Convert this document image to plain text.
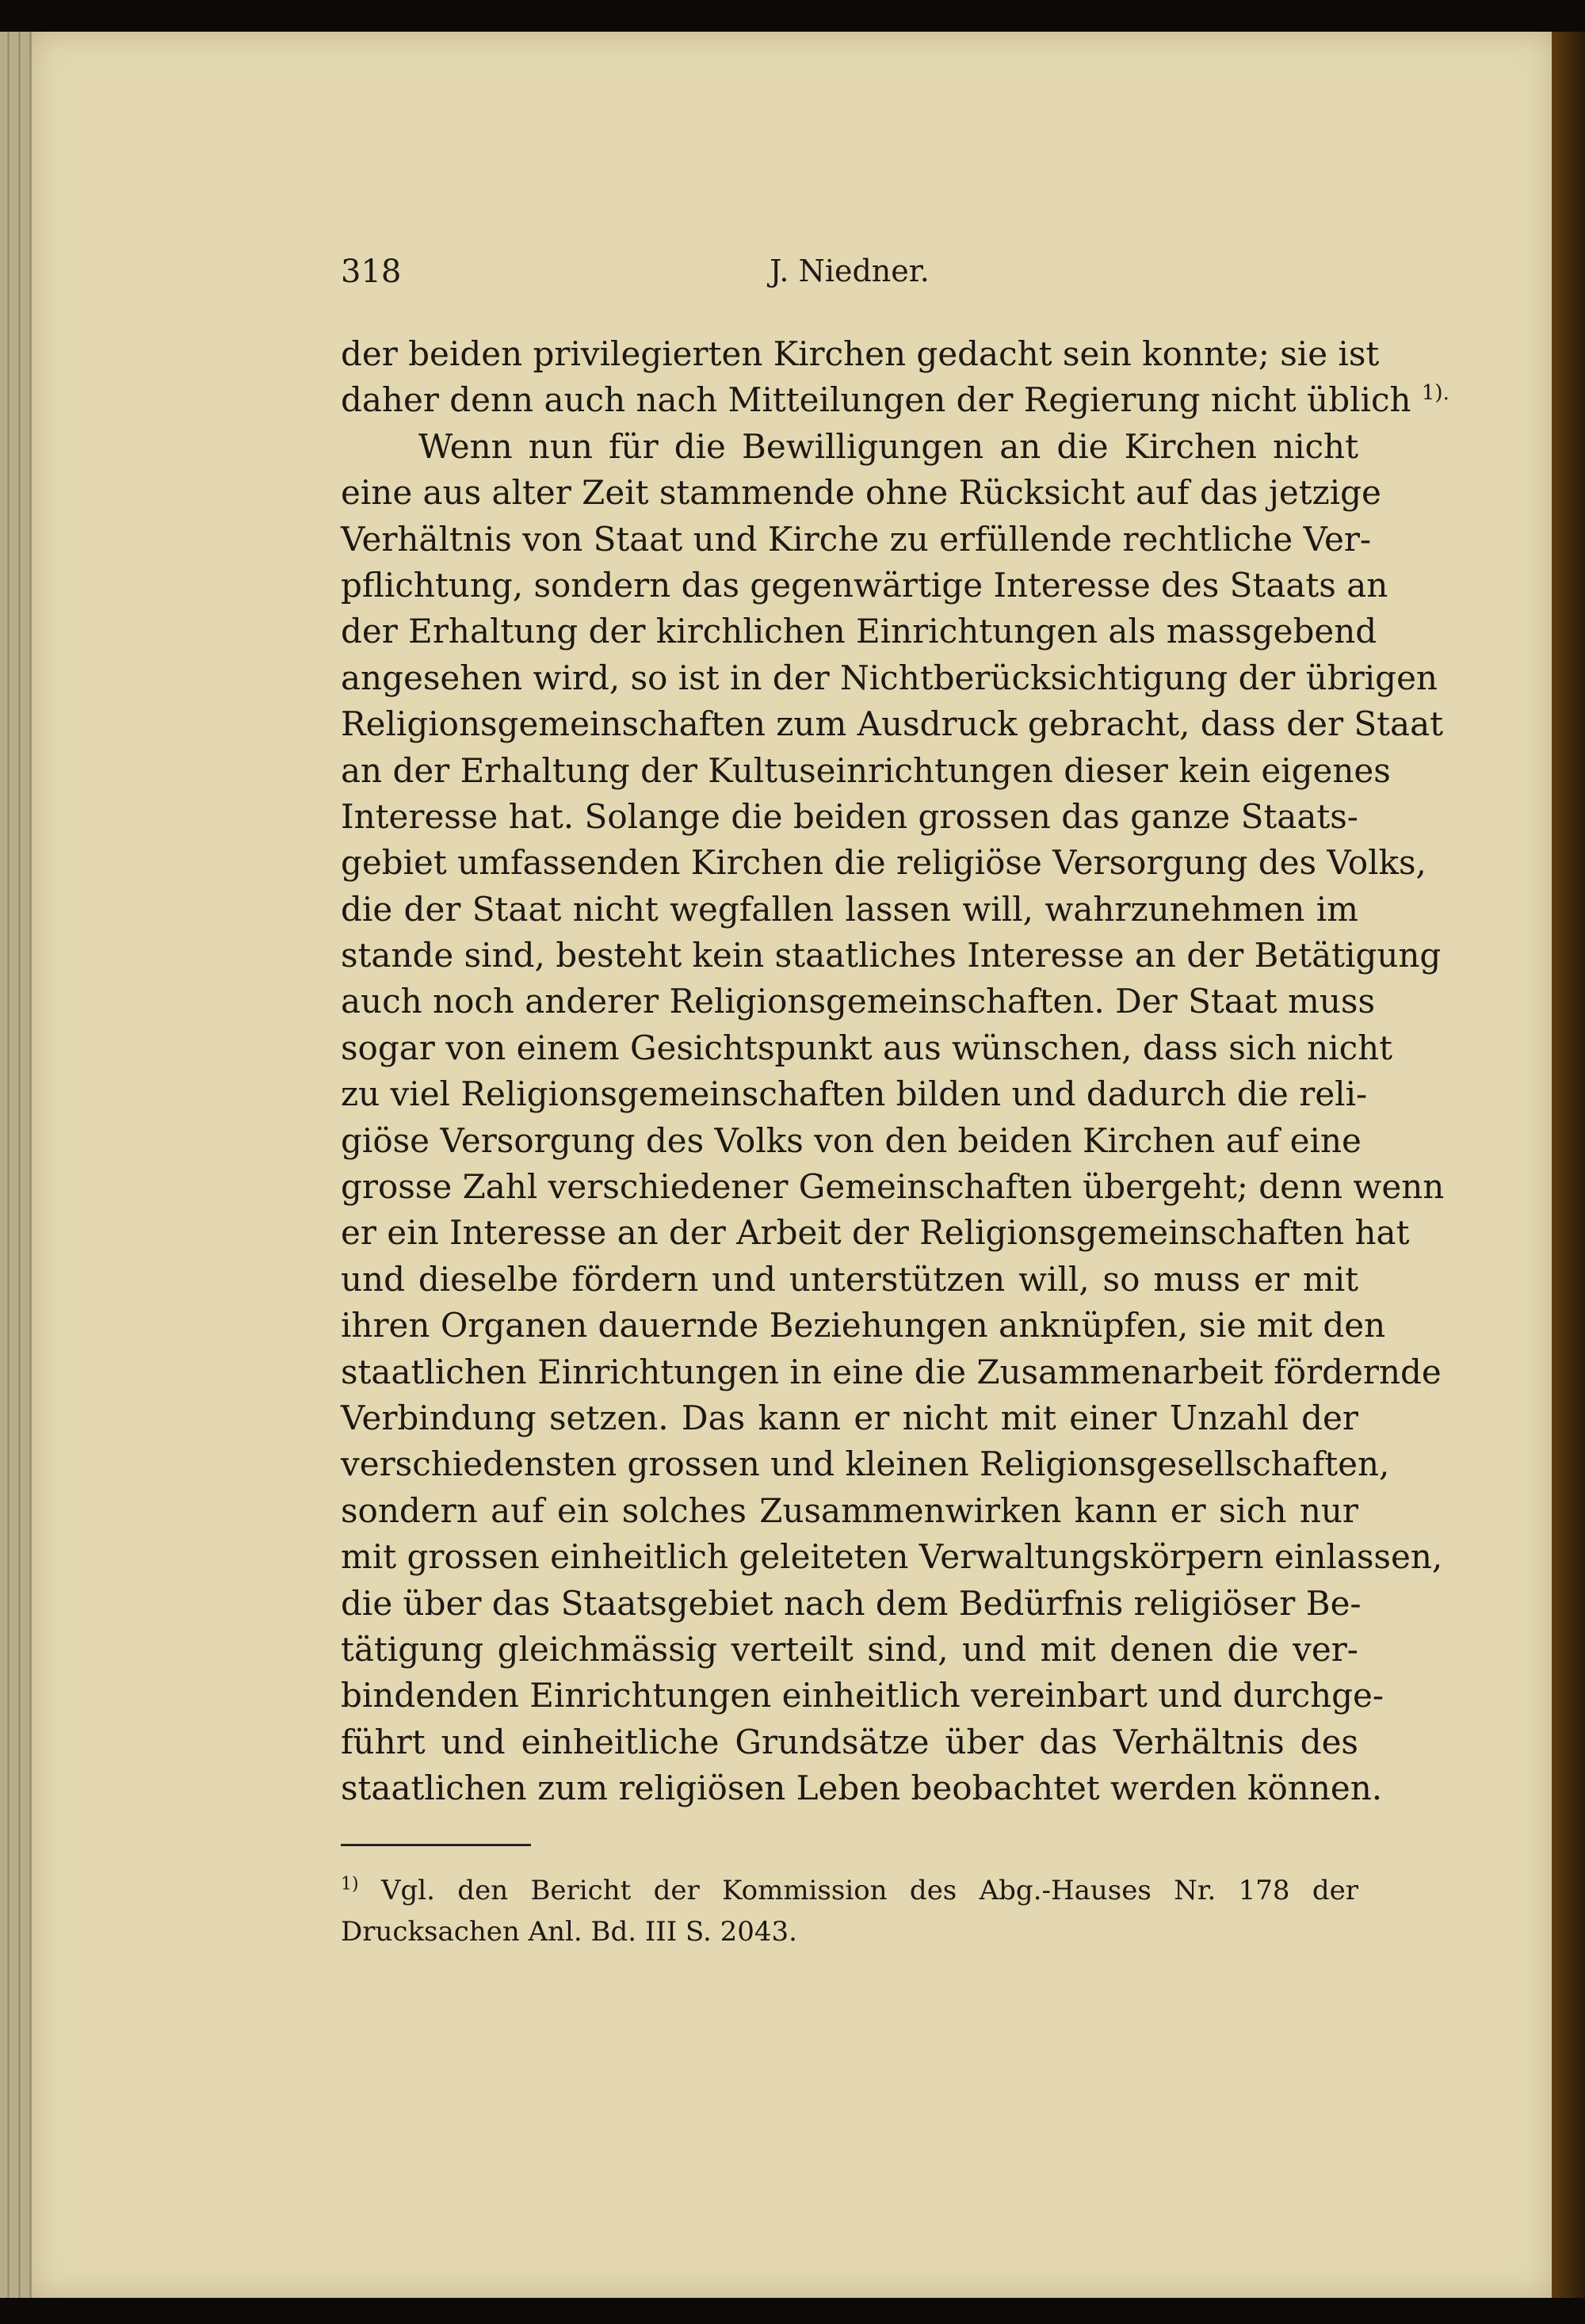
318	J. Niedner.
der beiden privilegierten Kirchen gedacht sein konnte; sie ist
daher denn auch nach Mitteilungen der Regierung nicht üblich $^{1).}$
Wenn nun für die Bewilligungen an die Kirchen nicht
eine aus alter Zeit stammende ohne Rücksicht auf das jetzige
Verhältnis von Staat und Kirche zu erfüllende rechtliche Ver-
pflichtung, sondern das gegenwärtige Interesse des Staats an
der Erhaltung der kirchlichen Einrichtungen als massgebend
angesehen wird, so ist in der Nichtberücksichtigung der übrigen
Religionsgemeinschaften zum Ausdruck gebracht, dass der Staat
an der Erhaltung der Kultuseinrichtungen dieser kein eigenes
Interesse hat. Solange die beiden grossen das ganze Staats-
gebiet umfassenden Kirchen die religiöse Versorgung des Volks,
die der Staat nicht wegfallen lassen will, wahrzunehmen im
stande sind, besteht kein staatliches Interesse an der Betätigung
auch noch anderer Religionsgemeinschaften. Der Staat muss
sogar von einem Gesichtspunkt aus wünschen, dass sich nicht
zu viel Religionsgemeinschaften bilden und dadurch die reli-
giöse Versorgung des Volks von den beiden Kirchen auf eine
grosse Zahl verschiedener Gemeinschaften übergeht; denn wenn
er ein Interesse an der Arbeit der Religionsgemeinschaften hat
und dieselbe fördern und unterstützen will, so muss er mit
ihren Organen dauernde Beziehungen anknüpfen, sie mit den
staatlichen Einrichtungen in eine die Zusammenarbeit fördernde
Verbindung setzen. Das kann er nicht mit einer Unzahl der
verschiedensten grossen und kleinen Religionsgesellschaften,
sondern auf ein solches Zusammenwirken kann er sich nur
mit grossen einheitlich geleiteten Verwaltungskörpern einlassen,
die über das Staatsgebiet nach dem Bedürfnis religiöser Be-
tätigung gleichmässig verteilt sind, und mit denen die ver-
bindenden Einrichtungen einheitlich vereinbart und durchge-
führt und einheitliche Grundsätze über das Verhältnis des
staatlichen zum religiösen Leben beobachtet werden können.
$^{1)}$ Vgl. den Bericht der Kommission des Abg.-Hauses Nr. 178 der
Drucksachen Anl. Bd. III S. 2043.
